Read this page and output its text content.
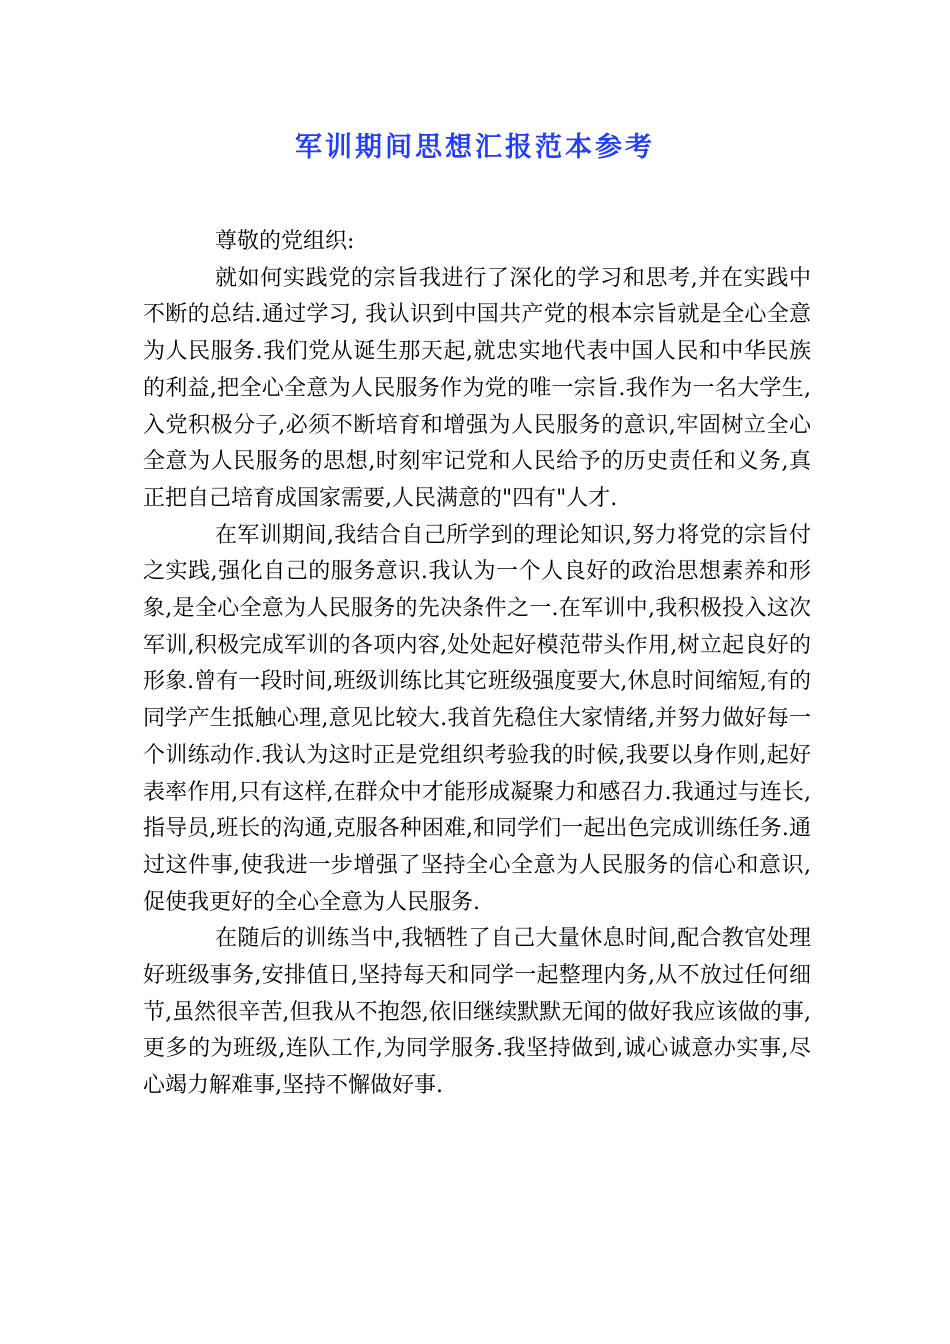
军训期间思想汇报范本参考

尊敬的党组织:

就如何实践党的宗旨我进行了深化的学习和思考,并在实践中不断的总结.通过学习, 我认识到中国共产党的根本宗旨就是全心全意为人民服务.我们党从诞生那天起,就忠实地代表中国人民和中华民族的利益,把全心全意为人民服务作为党的唯一宗旨.我作为一名大学生,入党积极分子,必须不断培育和增强为人民服务的意识,牢固树立全心全意为人民服务的思想,时刻牢记党和人民给予的历史责任和义务,真正把自己培育成国家需要,人民满意的"四有"人才.

在军训期间,我结合自己所学到的理论知识,努力将党的宗旨付之实践,强化自己的服务意识.我认为一个人良好的政治思想素养和形象,是全心全意为人民服务的先决条件之一.在军训中,我积极投入这次军训,积极完成军训的各项内容,处处起好模范带头作用,树立起良好的形象.曾有一段时间,班级训练比其它班级强度要大,休息时间缩短,有的同学产生抵触心理,意见比较大.我首先稳住大家情绪,并努力做好每一个训练动作.我认为这时正是党组织考验我的时候,我要以身作则,起好表率作用,只有这样,在群众中才能形成凝聚力和感召力.我通过与连长,指导员,班长的沟通,克服各种困难,和同学们一起出色完成训练任务.通过这件事,使我进一步增强了坚持全心全意为人民服务的信心和意识,促使我更好的全心全意为人民服务.

在随后的训练当中,我牺牲了自己大量休息时间,配合教官处理好班级事务,安排值日,坚持每天和同学一起整理内务,从不放过任何细节,虽然很辛苦,但我从不抱怨,依旧继续默默无闻的做好我应该做的事,更多的为班级,连队工作,为同学服务.我坚持做到,诚心诚意办实事,尽心竭力解难事,坚持不懈做好事.
